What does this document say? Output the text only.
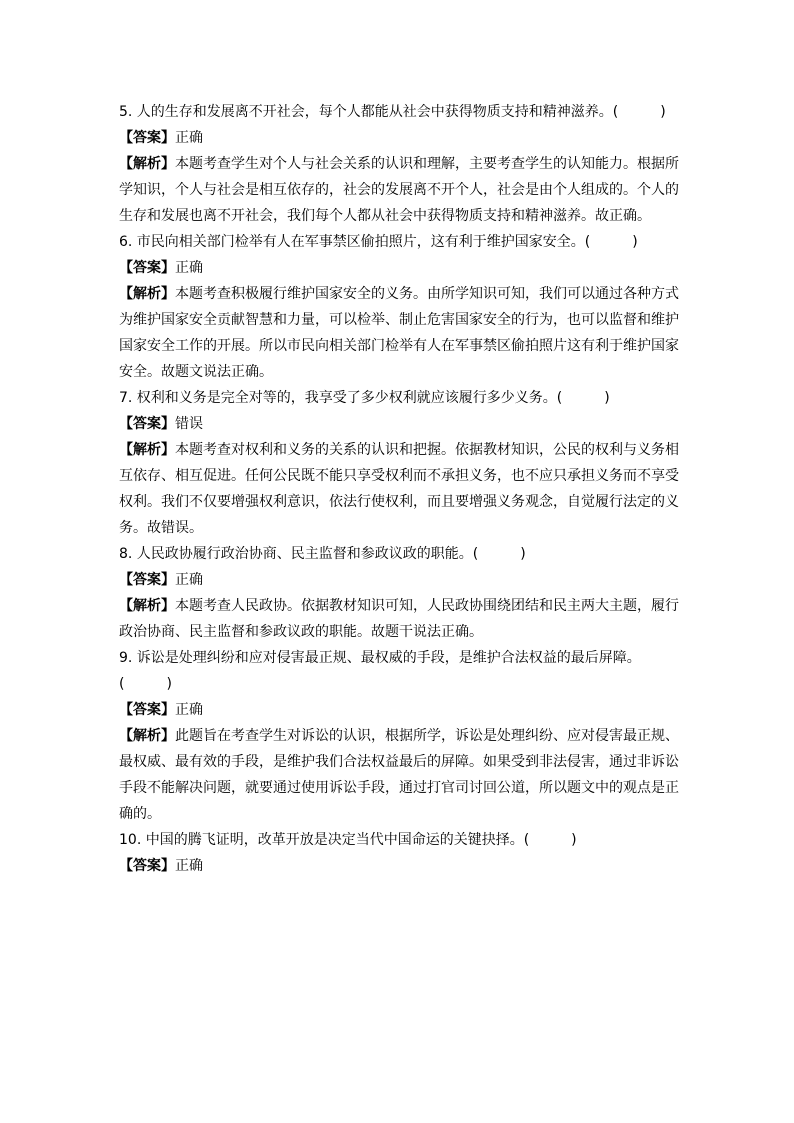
5. 人的生存和发展离不开社会，每个人都能从社会中获得物质支持和精神滋养。(　　　)
【答案】正确
【解析】本题考查学生对个人与社会关系的认识和理解，主要考查学生的认知能力。根据所
学知识，个人与社会是相互依存的，社会的发展离不开个人，社会是由个人组成的。个人的
生存和发展也离不开社会，我们每个人都从社会中获得物质支持和精神滋养。故正确。
6. 市民向相关部门检举有人在军事禁区偷拍照片，这有利于维护国家安全。(　　　)
【答案】正确
【解析】本题考查积极履行维护国家安全的义务。由所学知识可知，我们可以通过各种方式
为维护国家安全贡献智慧和力量，可以检举、制止危害国家安全的行为，也可以监督和维护
国家安全工作的开展。所以市民向相关部门检举有人在军事禁区偷拍照片这有利于维护国家
安全。故题文说法正确。
7. 权利和义务是完全对等的，我享受了多少权利就应该履行多少义务。(　　　)
【答案】错误
【解析】本题考查对权利和义务的关系的认识和把握。依据教材知识，公民的权利与义务相
互依存、相互促进。任何公民既不能只享受权利而不承担义务，也不应只承担义务而不享受
权利。我们不仅要增强权利意识，依法行使权利，而且要增强义务观念，自觉履行法定的义
务。故错误。
8. 人民政协履行政治协商、民主监督和参政议政的职能。(　　　)
【答案】正确
【解析】本题考查人民政协。依据教材知识可知，人民政协围绕团结和民主两大主题，履行
政治协商、民主监督和参政议政的职能。故题干说法正确。
9. 诉讼是处理纠纷和应对侵害最正规、最权威的手段，是维护合法权益的最后屏障。
(　　　)
【答案】正确
【解析】此题旨在考查学生对诉讼的认识，根据所学，诉讼是处理纠纷、应对侵害最正规、
最权威、最有效的手段，是维护我们合法权益最后的屏障。如果受到非法侵害，通过非诉讼
手段不能解决问题，就要通过使用诉讼手段，通过打官司讨回公道，所以题文中的观点是正
确的。
10. 中国的腾飞证明，改革开放是决定当代中国命运的关键抉择。(　　　)
【答案】正确
